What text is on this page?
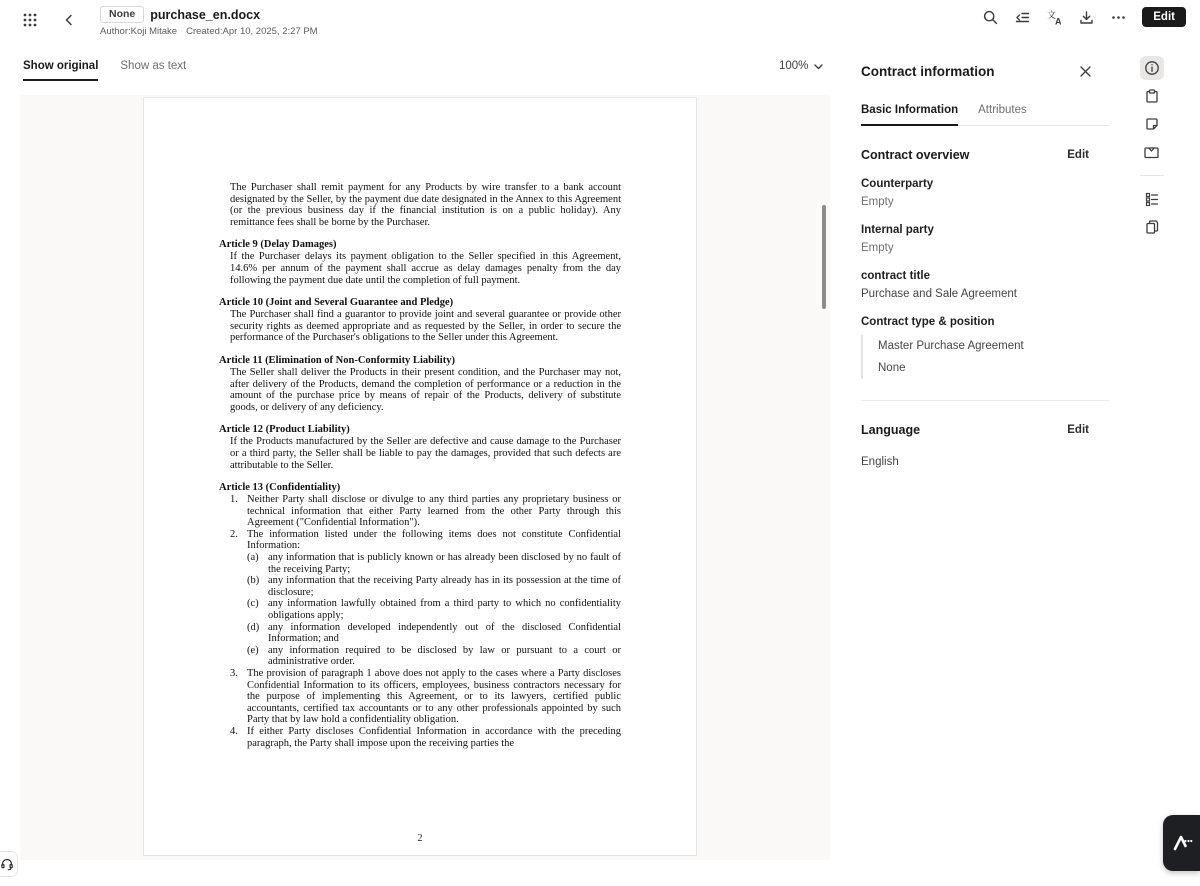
None	purchase_en.docx
Author:Koji Mitake Created:Apr 10, 2025, 2:27 PM
文
A	Edit
Show original Show as text	100%

The Purchaser shall remit payment for any Products by wire transfer to a bank account designated by the Seller, by the payment due date designated in the Annex to this Agreement (or the previous business day if the financial institution is on a public holiday). Any remittance fees shall be borne by the Purchaser.

Article 9 (Delay Damages)

If the Purchaser delays its payment obligation to the Seller specified in this Agreement, 14.6% per annum of the payment shall accrue as delay damages penalty from the day following the payment due date until the completion of full payment.

Article 10 (Joint and Several Guarantee and Pledge)

The Purchaser shall find a guarantor to provide joint and several guarantee or provide other security rights as deemed appropriate and as requested by the Seller, in order to secure the performance of the Purchaser's obligations to the Seller under this Agreement.

Article 11 (Elimination of Non-Conformity Liability)

The Seller shall deliver the Products in their present condition, and the Purchaser may not, after delivery of the Products, demand the completion of performance or a reduction in the amount of the purchase price by means of repair of the Products, delivery of substitute goods, or delivery of any deficiency.

Article 12 (Product Liability)

If the Products manufactured by the Seller are defective and cause damage to the Purchaser or a third party, the Seller shall be liable to pay the damages, provided that such defects are attributable to the Seller.

Article 13 (Confidentiality)
1. Neither Party shall disclose or divulge to any third parties any proprietary business or technical information that either Party learned from the other Party through this Agreement ("Confidential Information").
2. The information listed under the following items does not constitute Confidential Information:
(a) any information that is publicly known or has already been disclosed by no fault of the receiving Party;
(b) any information that the receiving Party already has in its possession at the time of disclosure;
(c) any information lawfully obtained from a third party to which no confidentiality obligations apply;
(d) any information developed independently out of the disclosed Confidential Information; and
(e) any information required to be disclosed by law or pursuant to a court or administrative order.
3. The provision of paragraph 1 above does not apply to the cases where a Party discloses Confidential Information to its officers, employees, business contractors necessary for the purpose of implementing this Agreement, or to its lawyers, certified public accountants, certified tax accountants or to any other professionals appointed by such Party that by law hold a confidentiality obligation.
4. If either Party discloses Confidential Information in accordance with the preceding paragraph, the Party shall impose upon the receiving parties the
2
Contract information
Basic Information Attributes
Contract overview	Edit
Counterparty
Empty
Internal party
Empty
contract title
Purchase and Sale Agreement
Contract type & position
Master Purchase Agreement
None
Language	Edit
English
